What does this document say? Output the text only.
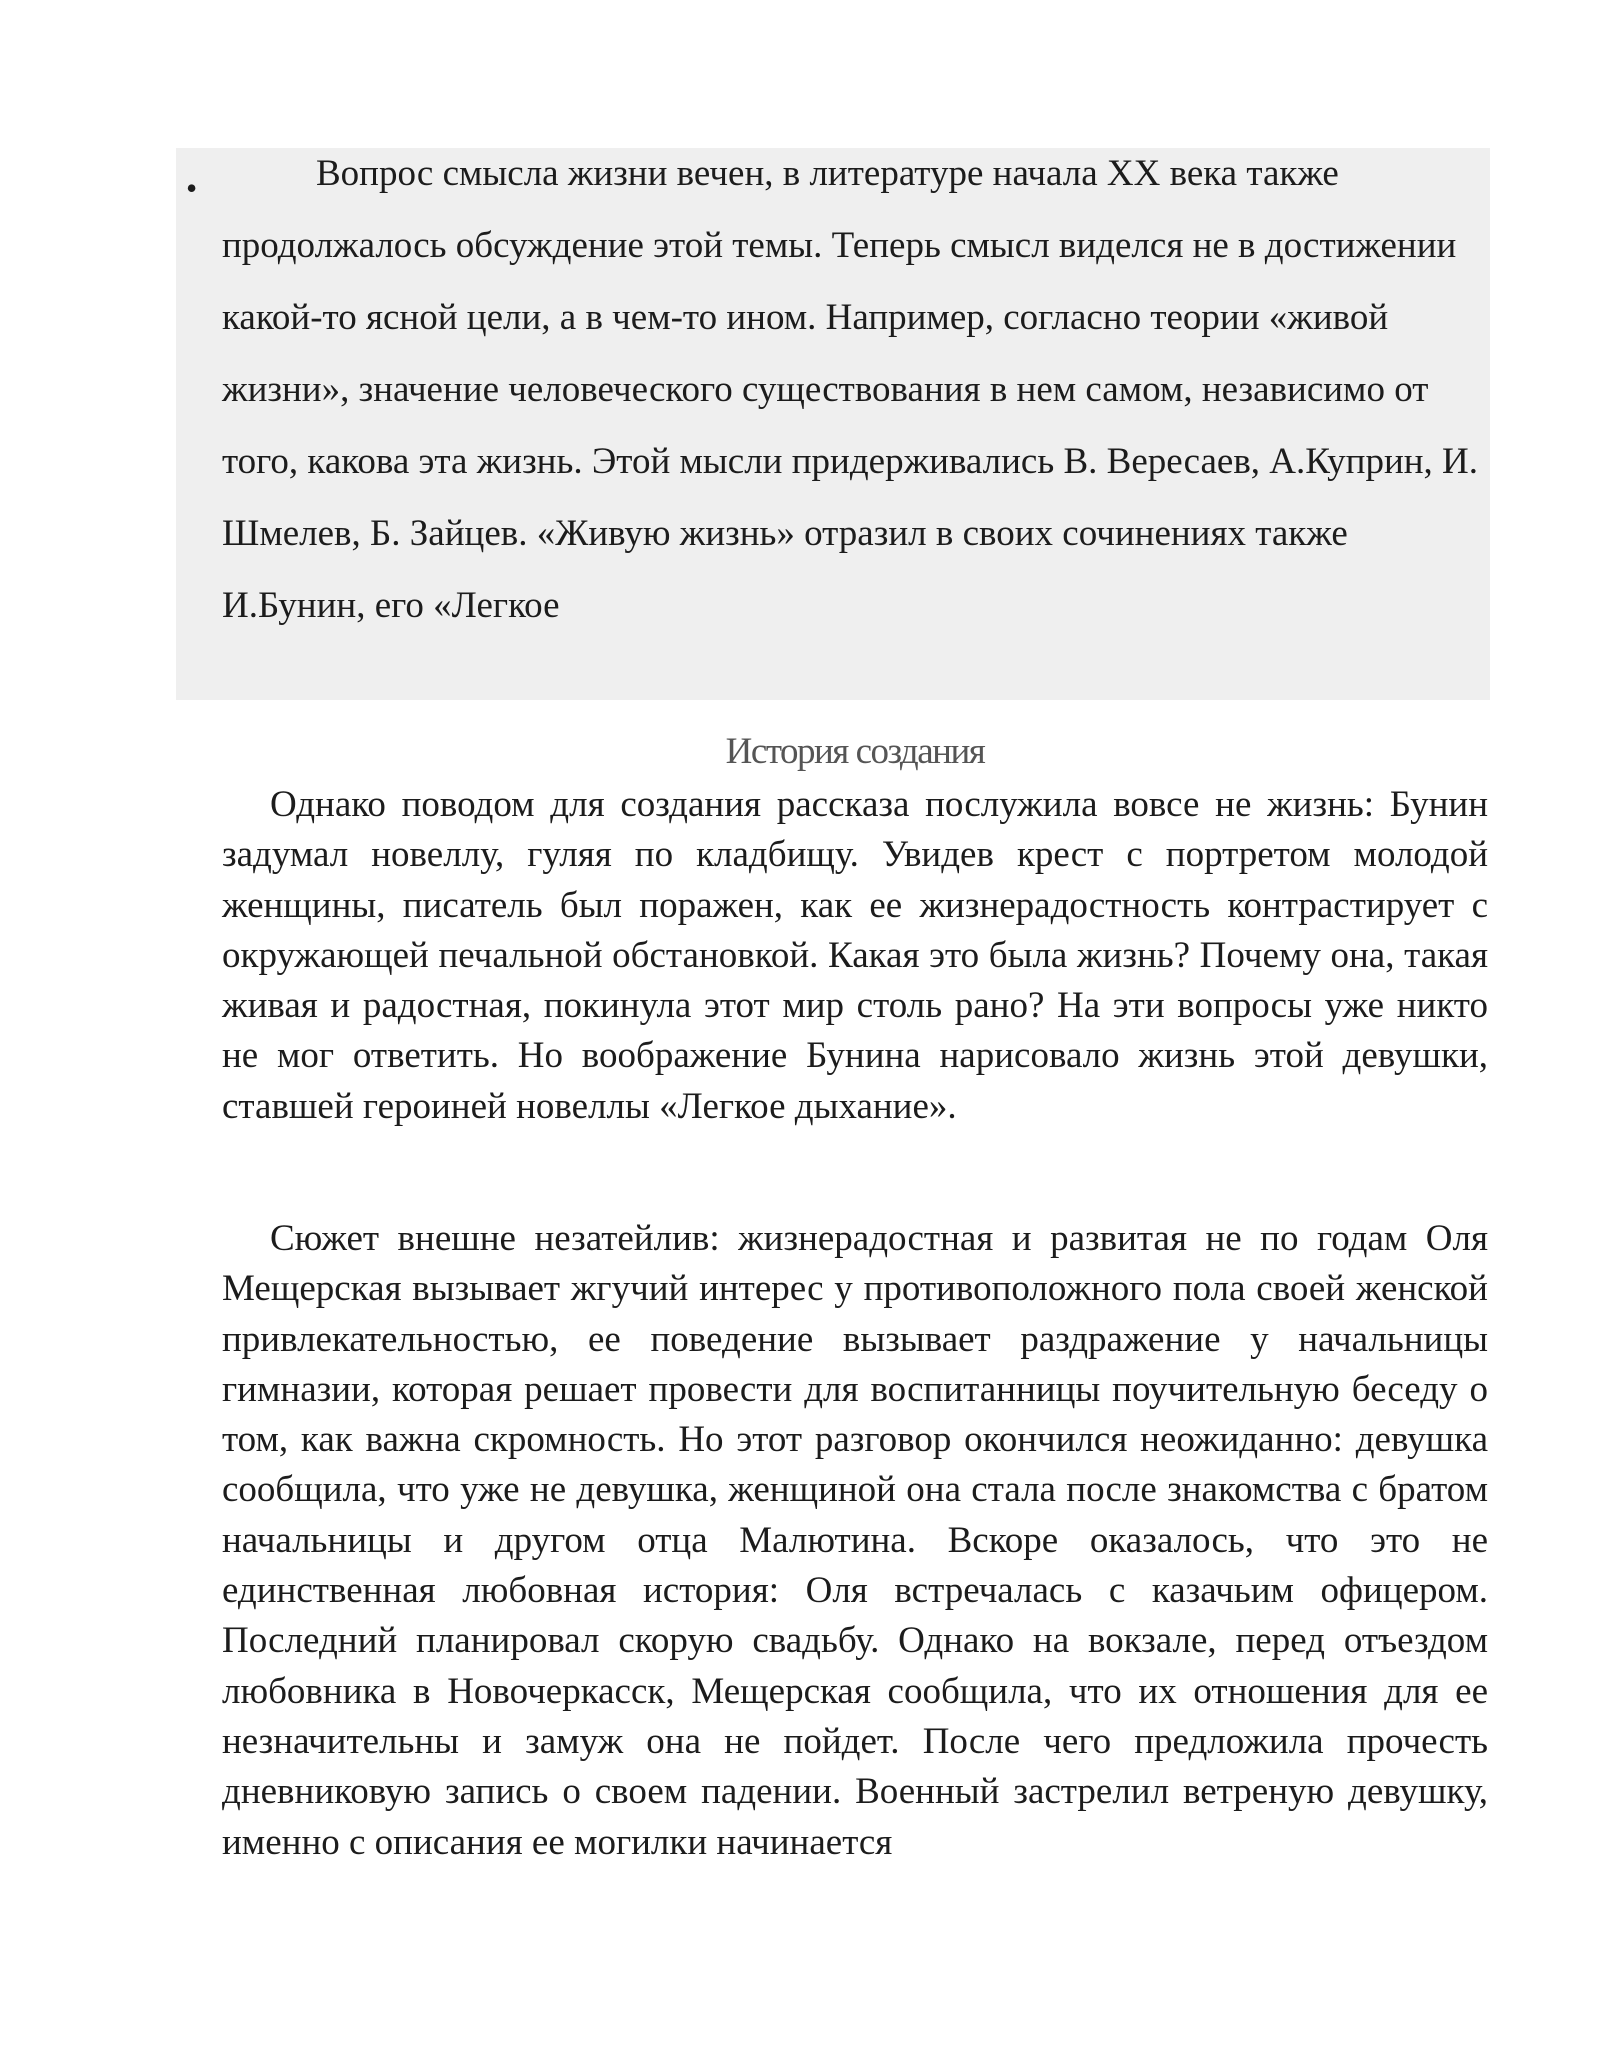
•	Вопрос смысла жизни вечен, в литературе начала XX века также продолжалось обсуждение этой темы. Теперь смысл виделся не в достижении какой-то ясной цели, а в чем-то ином. Например, согласно теории «живой жизни», значение человеческого существования в нем самом, независимо от того, какова эта жизнь. Этой мысли придерживались В. Вересаев, А.Куприн, И. Шмелев, Б. Зайцев. «Живую жизнь» отразил в своих сочинениях также И.Бунин, его «Легкое

История создания

Однако поводом для создания рассказа послужила вовсе не жизнь: Бунин задумал новеллу, гуляя по кладбищу. Увидев крест с портретом молодой женщины, писатель был поражен, как ее жизнерадостность контрастирует с окружающей печальной обстановкой. Какая это была жизнь? Почему она, такая живая и радостная, покинула этот мир столь рано? На эти вопросы уже никто не мог ответить. Но воображение Бунина нарисовало жизнь этой девушки, ставшей героиней новеллы «Легкое дыхание».

Сюжет внешне незатейлив: жизнерадостная и развитая не по годам Оля Мещерская вызывает жгучий интерес у противоположного пола своей женской привлекательностью, ее поведение вызывает раздражение у начальницы гимназии, которая решает провести для воспитанницы поучительную беседу о том, как важна скромность. Но этот разговор окончился неожиданно: девушка сообщила, что уже не девушка, женщиной она стала после знакомства с братом начальницы и другом отца Малютина. Вскоре оказалось, что это не единственная любовная история: Оля встречалась с казачьим офицером. Последний планировал скорую свадьбу. Однако на вокзале, перед отъездом любовника в Новочеркасск, Мещерская сообщила, что их отношения для ее незначительны и замуж она не пойдет. После чего предложила прочесть дневниковую запись о своем падении. Военный застрелил ветреную девушку, именно с описания ее могилки начинается
